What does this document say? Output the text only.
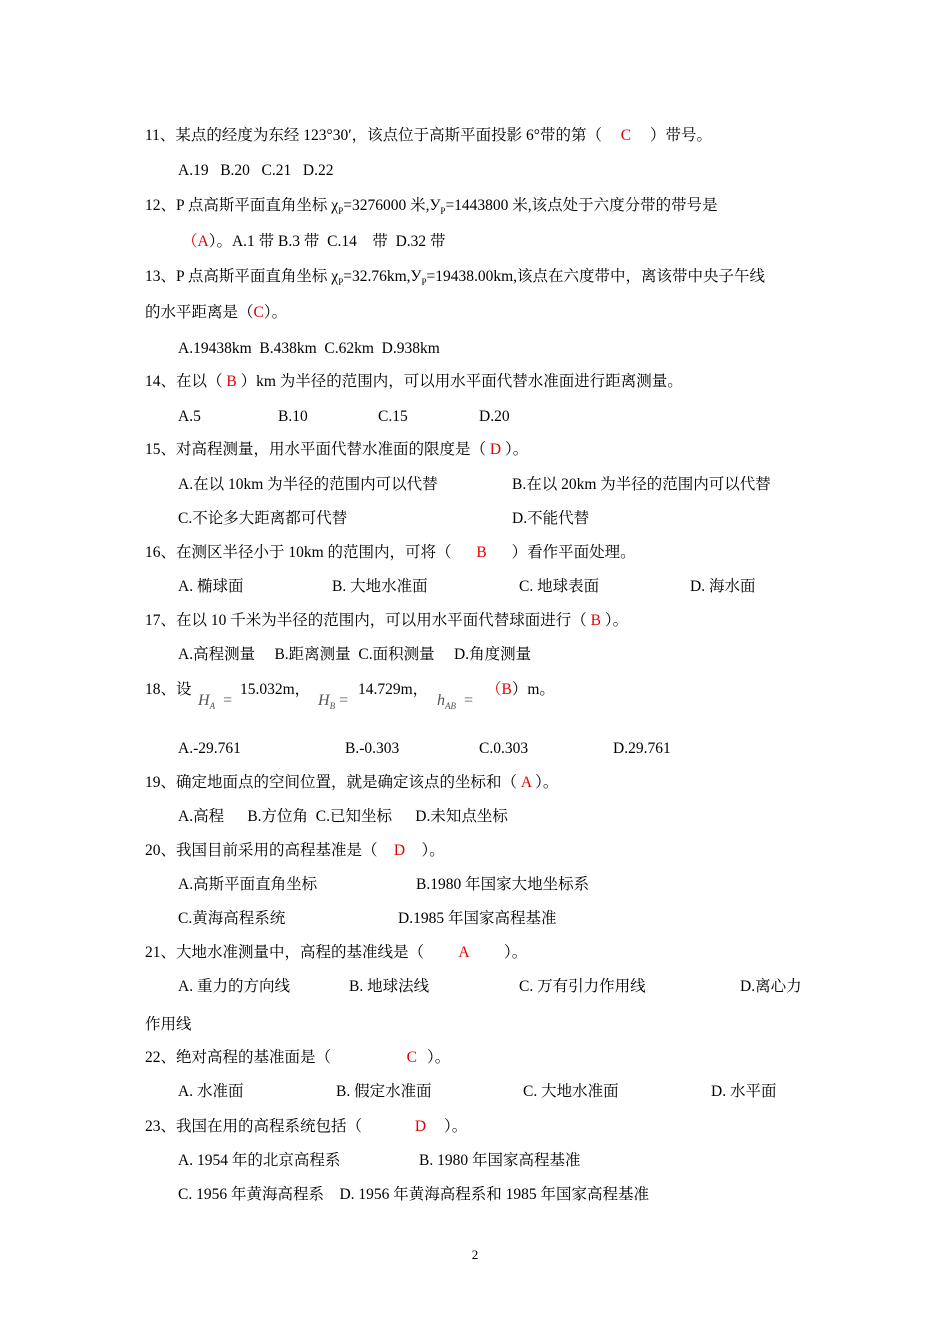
11、某点的经度为东经 123°30′，该点位于高斯平面投影 6°带的第（ C ）带号。
A.19   B.20   C.21   D.22
12、P 点高斯平面直角坐标 $\chi_P=3276000$ 米$,У_P=1443800$ 米,该点处于六度分带的带号是
（A）。A.1 带 B.3 带  C.14    带  D.32 带
13、P 点高斯平面直角坐标 $\chi_P=32.76km,У_P=19438.00km$,该点在六度带中，离该带中央子午线
的水平距离是（C）。
A.19438km  B.438km  C.62km  D.938km
14、在以（ B ）km 为半径的范围内，可以用水平面代替水准面进行距离测量。
A.5	B.10	C.15	D.20
15、对高程测量，用水平面代替水准面的限度是（ D ）。
A.在以 10km 为半径的范围内可以代替	B.在以 20km 为半径的范围内可以代替
C.不论多大距离都可代替	D.不能代替
16、在测区半径小于 10km 的范围内，可将（ B ）看作平面处理。
A. 椭球面	B. 大地水准面	C. 地球表面	D. 海水面
17、在以 10 千米为半径的范围内，可以用水平面代替球面进行（ B ）。
A.高程测量     B.距离测量  C.面积测量     D.角度测量
18、设
$H_A$ =
15.032m，
$H_B$ =
14.729m，
$h_{AB}$ =
（B）m。
A.-29.761	B.-0.303	C.0.303	D.29.761
19、确定地面点的空间位置，就是确定该点的坐标和（ A ）。
A.高程      B.方位角  C.已知坐标      D.未知点坐标
20、我国目前采用的高程基准是（ D ）。
A.高斯平面直角坐标	B.1980 年国家大地坐标系
C.黄海高程系统	D.1985 年国家高程基准
21、大地水准测量中，高程的基准线是（ A ）。
A. 重力的方向线	B. 地球法线	C. 万有引力作用线	D.离心力
作用线
22、绝对高程的基准面是（	C ）。
A. 水准面	B. 假定水准面	C. 大地水准面	D. 水平面
23、我国在用的高程系统包括（	D ）。
A. 1954 年的北京高程系	B. 1980 年国家高程基准
C. 1956 年黄海高程系    D. 1956 年黄海高程系和 1985 年国家高程基准
2
